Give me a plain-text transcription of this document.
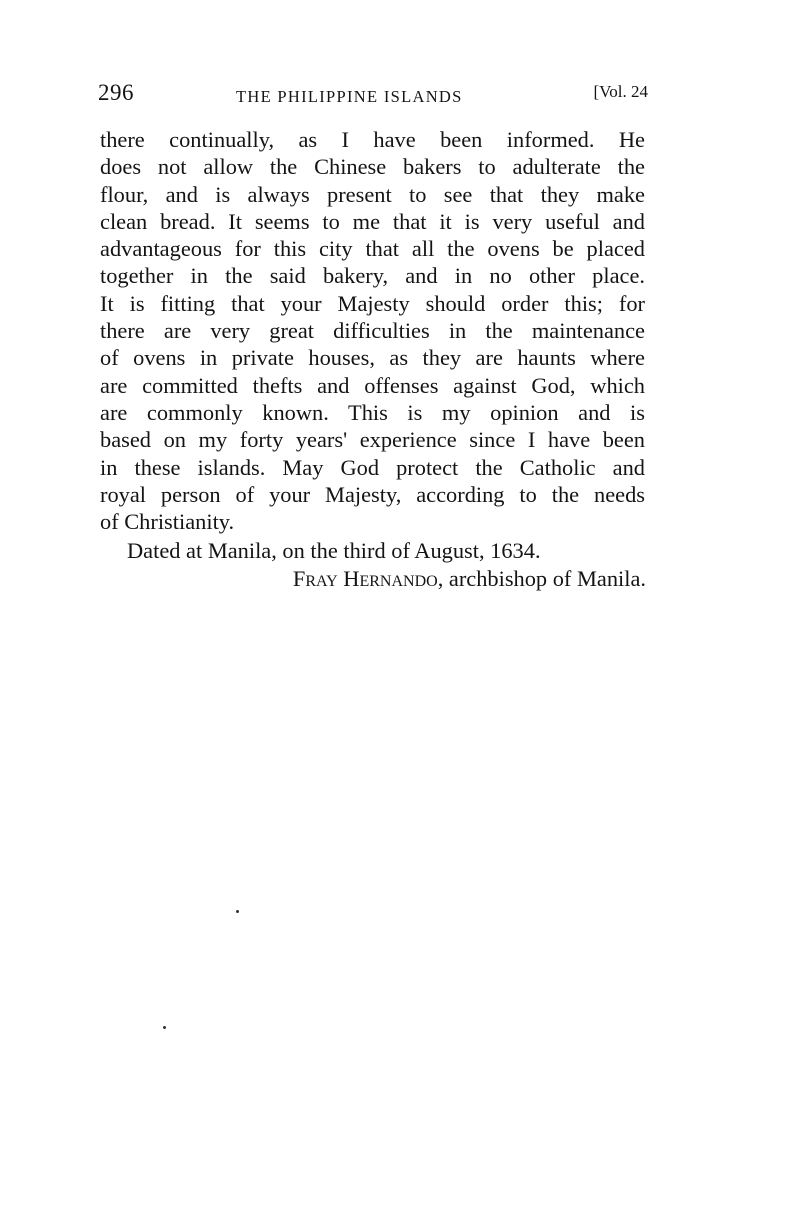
296	THE PHILIPPINE ISLANDS	[Vol. 24

there continually, as I have been informed. He
does not allow the Chinese bakers to adulterate the
flour, and is always present to see that they make
clean bread. It seems to me that it is very useful and
advantageous for this city that all the ovens be placed
together in the said bakery, and in no other place.
It is fitting that your Majesty should order this; for
there are very great difficulties in the maintenance
of ovens in private houses, as they are haunts where
are committed thefts and offenses against God, which
are commonly known. This is my opinion and is
based on my forty years' experience since I have been
in these islands. May God protect the Catholic and
royal person of your Majesty, according to the needs
of Christianity.

Dated at Manila, on the third of August, 1634.
Fray Hernando, archbishop of Manila.
